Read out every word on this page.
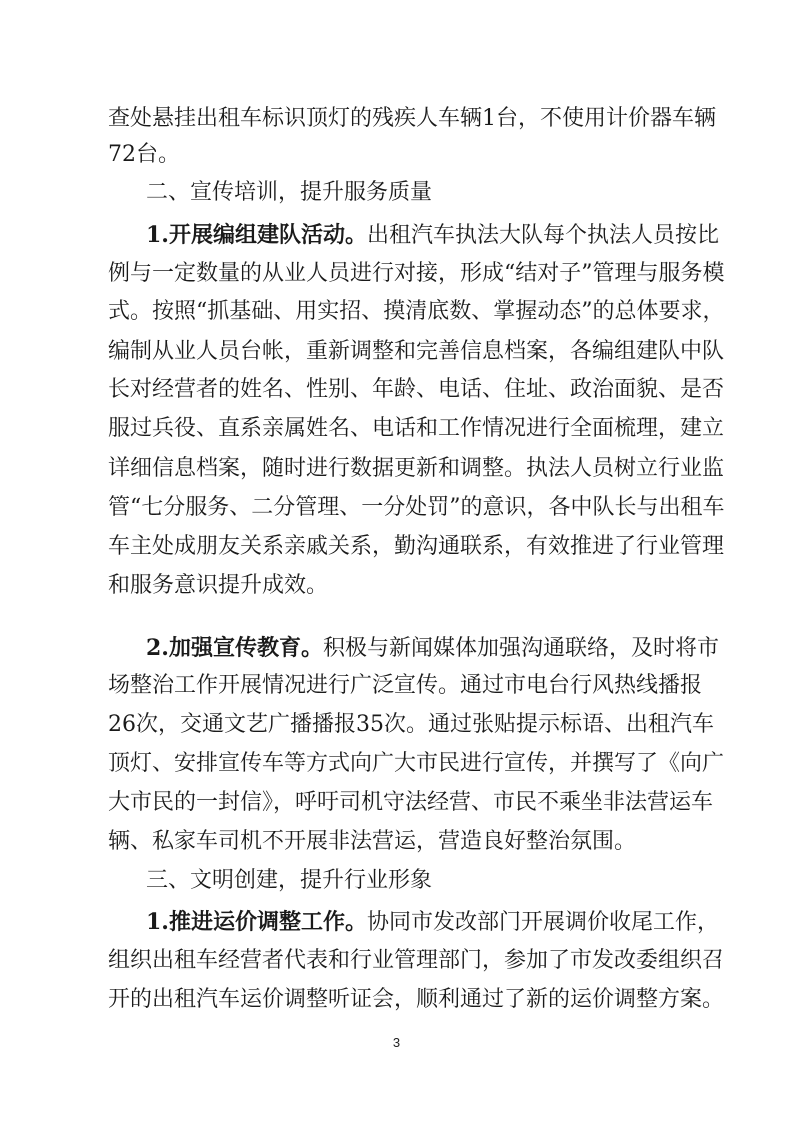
查处悬挂出租车标识顶灯的残疾人车辆1台，不使用计价器车辆
72台。
二、宣传培训，提升服务质量
1.开展编组建队活动。出租汽车执法大队每个执法人员按比
例与一定数量的从业人员进行对接，形成“结对子”管理与服务模
式。按照“抓基础、用实招、摸清底数、掌握动态”的总体要求，
编制从业人员台帐，重新调整和完善信息档案，各编组建队中队
长对经营者的姓名、性别、年龄、电话、住址、政治面貌、是否
服过兵役、直系亲属姓名、电话和工作情况进行全面梳理，建立
详细信息档案，随时进行数据更新和调整。执法人员树立行业监
管“七分服务、二分管理、一分处罚”的意识，各中队长与出租车
车主处成朋友关系亲戚关系，勤沟通联系，有效推进了行业管理
和服务意识提升成效。
2.加强宣传教育。积极与新闻媒体加强沟通联络，及时将市
场整治工作开展情况进行广泛宣传。通过市电台行风热线播报
26次，交通文艺广播播报35次。通过张贴提示标语、出租汽车
顶灯、安排宣传车等方式向广大市民进行宣传，并撰写了《向广
大市民的一封信》，呼吁司机守法经营、市民不乘坐非法营运车
辆、私家车司机不开展非法营运，营造良好整治氛围。
三、文明创建，提升行业形象
1.推进运价调整工作。协同市发改部门开展调价收尾工作，
组织出租车经营者代表和行业管理部门，参加了市发改委组织召
开的出租汽车运价调整听证会，顺利通过了新的运价调整方案。
3
